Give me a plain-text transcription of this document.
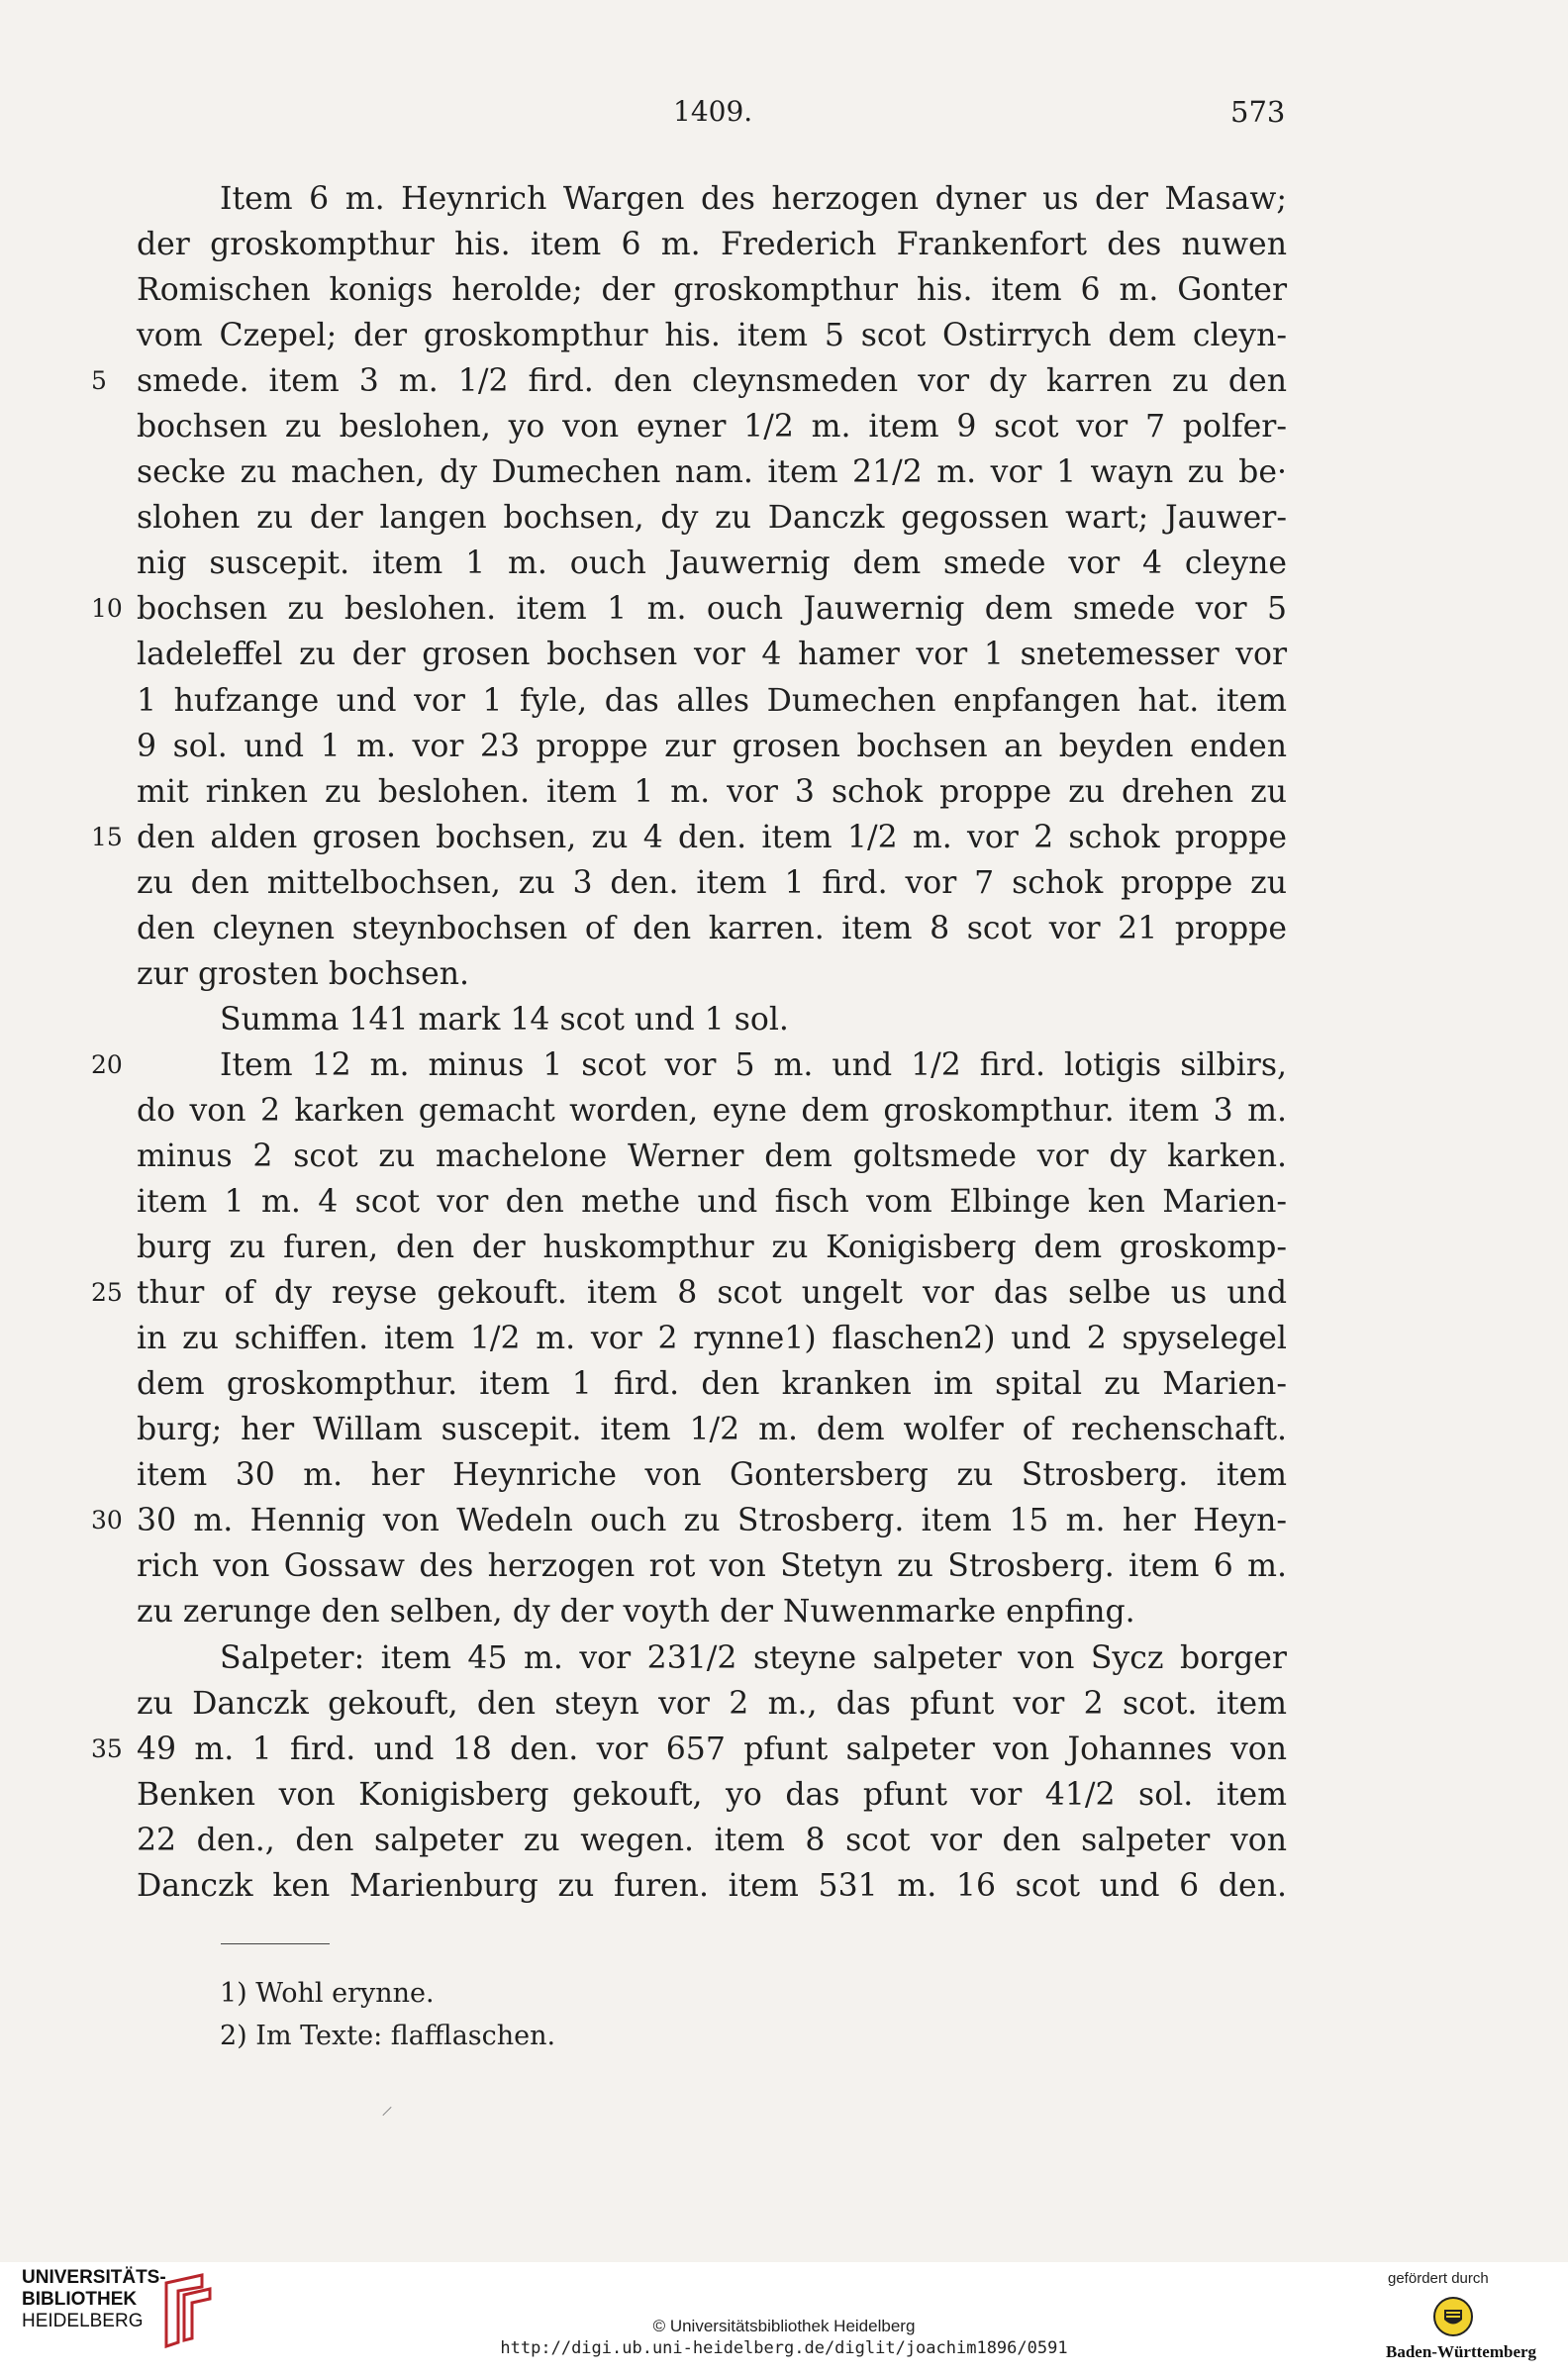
1409.	573
Item 6 m. Heynrich Wargen des herzogen dyner us der Masaw;
der groskompthur his. item 6 m. Frederich Frankenfort des nuwen
Romischen konigs herolde; der groskompthur his. item 6 m. Gonter
vom Czepel; der groskompthur his. item 5 scot Ostirrych dem cleyn-
5 smede. item 3 m. 1/2 fird. den cleynsmeden vor dy karren zu den
bochsen zu beslohen, yo von eyner 1/2 m. item 9 scot vor 7 polfer-
secke zu machen, dy Dumechen nam. item 21/2 m. vor 1 wayn zu be·
slohen zu der langen bochsen, dy zu Danczk gegossen wart; Jauwer-
nig suscepit. item 1 m. ouch Jauwernig dem smede vor 4 cleyne
10 bochsen zu beslohen. item 1 m. ouch Jauwernig dem smede vor 5
ladeleffel zu der grosen bochsen vor 4 hamer vor 1 snetemesser vor
1 hufzange und vor 1 fyle, das alles Dumechen enpfangen hat. item
9 sol. und 1 m. vor 23 proppe zur grosen bochsen an beyden enden
mit rinken zu beslohen. item 1 m. vor 3 schok proppe zu drehen zu
15 den alden grosen bochsen, zu 4 den. item 1/2 m. vor 2 schok proppe
zu den mittelbochsen, zu 3 den. item 1 fird. vor 7 schok proppe zu
den cleynen steynbochsen of den karren. item 8 scot vor 21 proppe
zur grosten bochsen.
Summa 141 mark 14 scot und 1 sol.
20	Item 12 m. minus 1 scot vor 5 m. und 1/2 fird. lotigis silbirs,
do von 2 karken gemacht worden, eyne dem groskompthur. item 3 m.
minus 2 scot zu machelone Werner dem goltsmede vor dy karken.
item 1 m. 4 scot vor den methe und fisch vom Elbinge ken Marien-
burg zu furen, den der huskompthur zu Konigisberg dem groskomp-
25 thur of dy reyse gekouft. item 8 scot ungelt vor das selbe us und
in zu schiffen. item 1/2 m. vor 2 rynne1) flaschen2) und 2 spyselegel
dem groskompthur. item 1 fird. den kranken im spital zu Marien-
burg; her Willam suscepit. item 1/2 m. dem wolfer of rechenschaft.
item 30 m. her Heynriche von Gontersberg zu Strosberg. item
30 30 m. Hennig von Wedeln ouch zu Strosberg. item 15 m. her Heyn-
rich von Gossaw des herzogen rot von Stetyn zu Strosberg. item 6 m.
zu zerunge den selben, dy der voyth der Nuwenmarke enpfing.
Salpeter: item 45 m. vor 231/2 steyne salpeter von Sycz borger
zu Danczk gekouft, den steyn vor 2 m., das pfunt vor 2 scot. item
35 49 m. 1 fird. und 18 den. vor 657 pfunt salpeter von Johannes von
Benken von Konigisberg gekouft, yo das pfunt vor 41/2 sol. item
22 den., den salpeter zu wegen. item 8 scot vor den salpeter von
Danczk ken Marienburg zu furen. item 531 m. 16 scot und 6 den.
1) Wohl erynne.
2) Im Texte: flafflaschen.
UNIVERSITÄTS-
BIBLIOTHEK
HEIDELBERG	© Universitätsbibliothek Heidelberg
http://digi.ub.uni-heidelberg.de/diglit/joachim1896/0591
gefördert durch
Baden-Württemberg
